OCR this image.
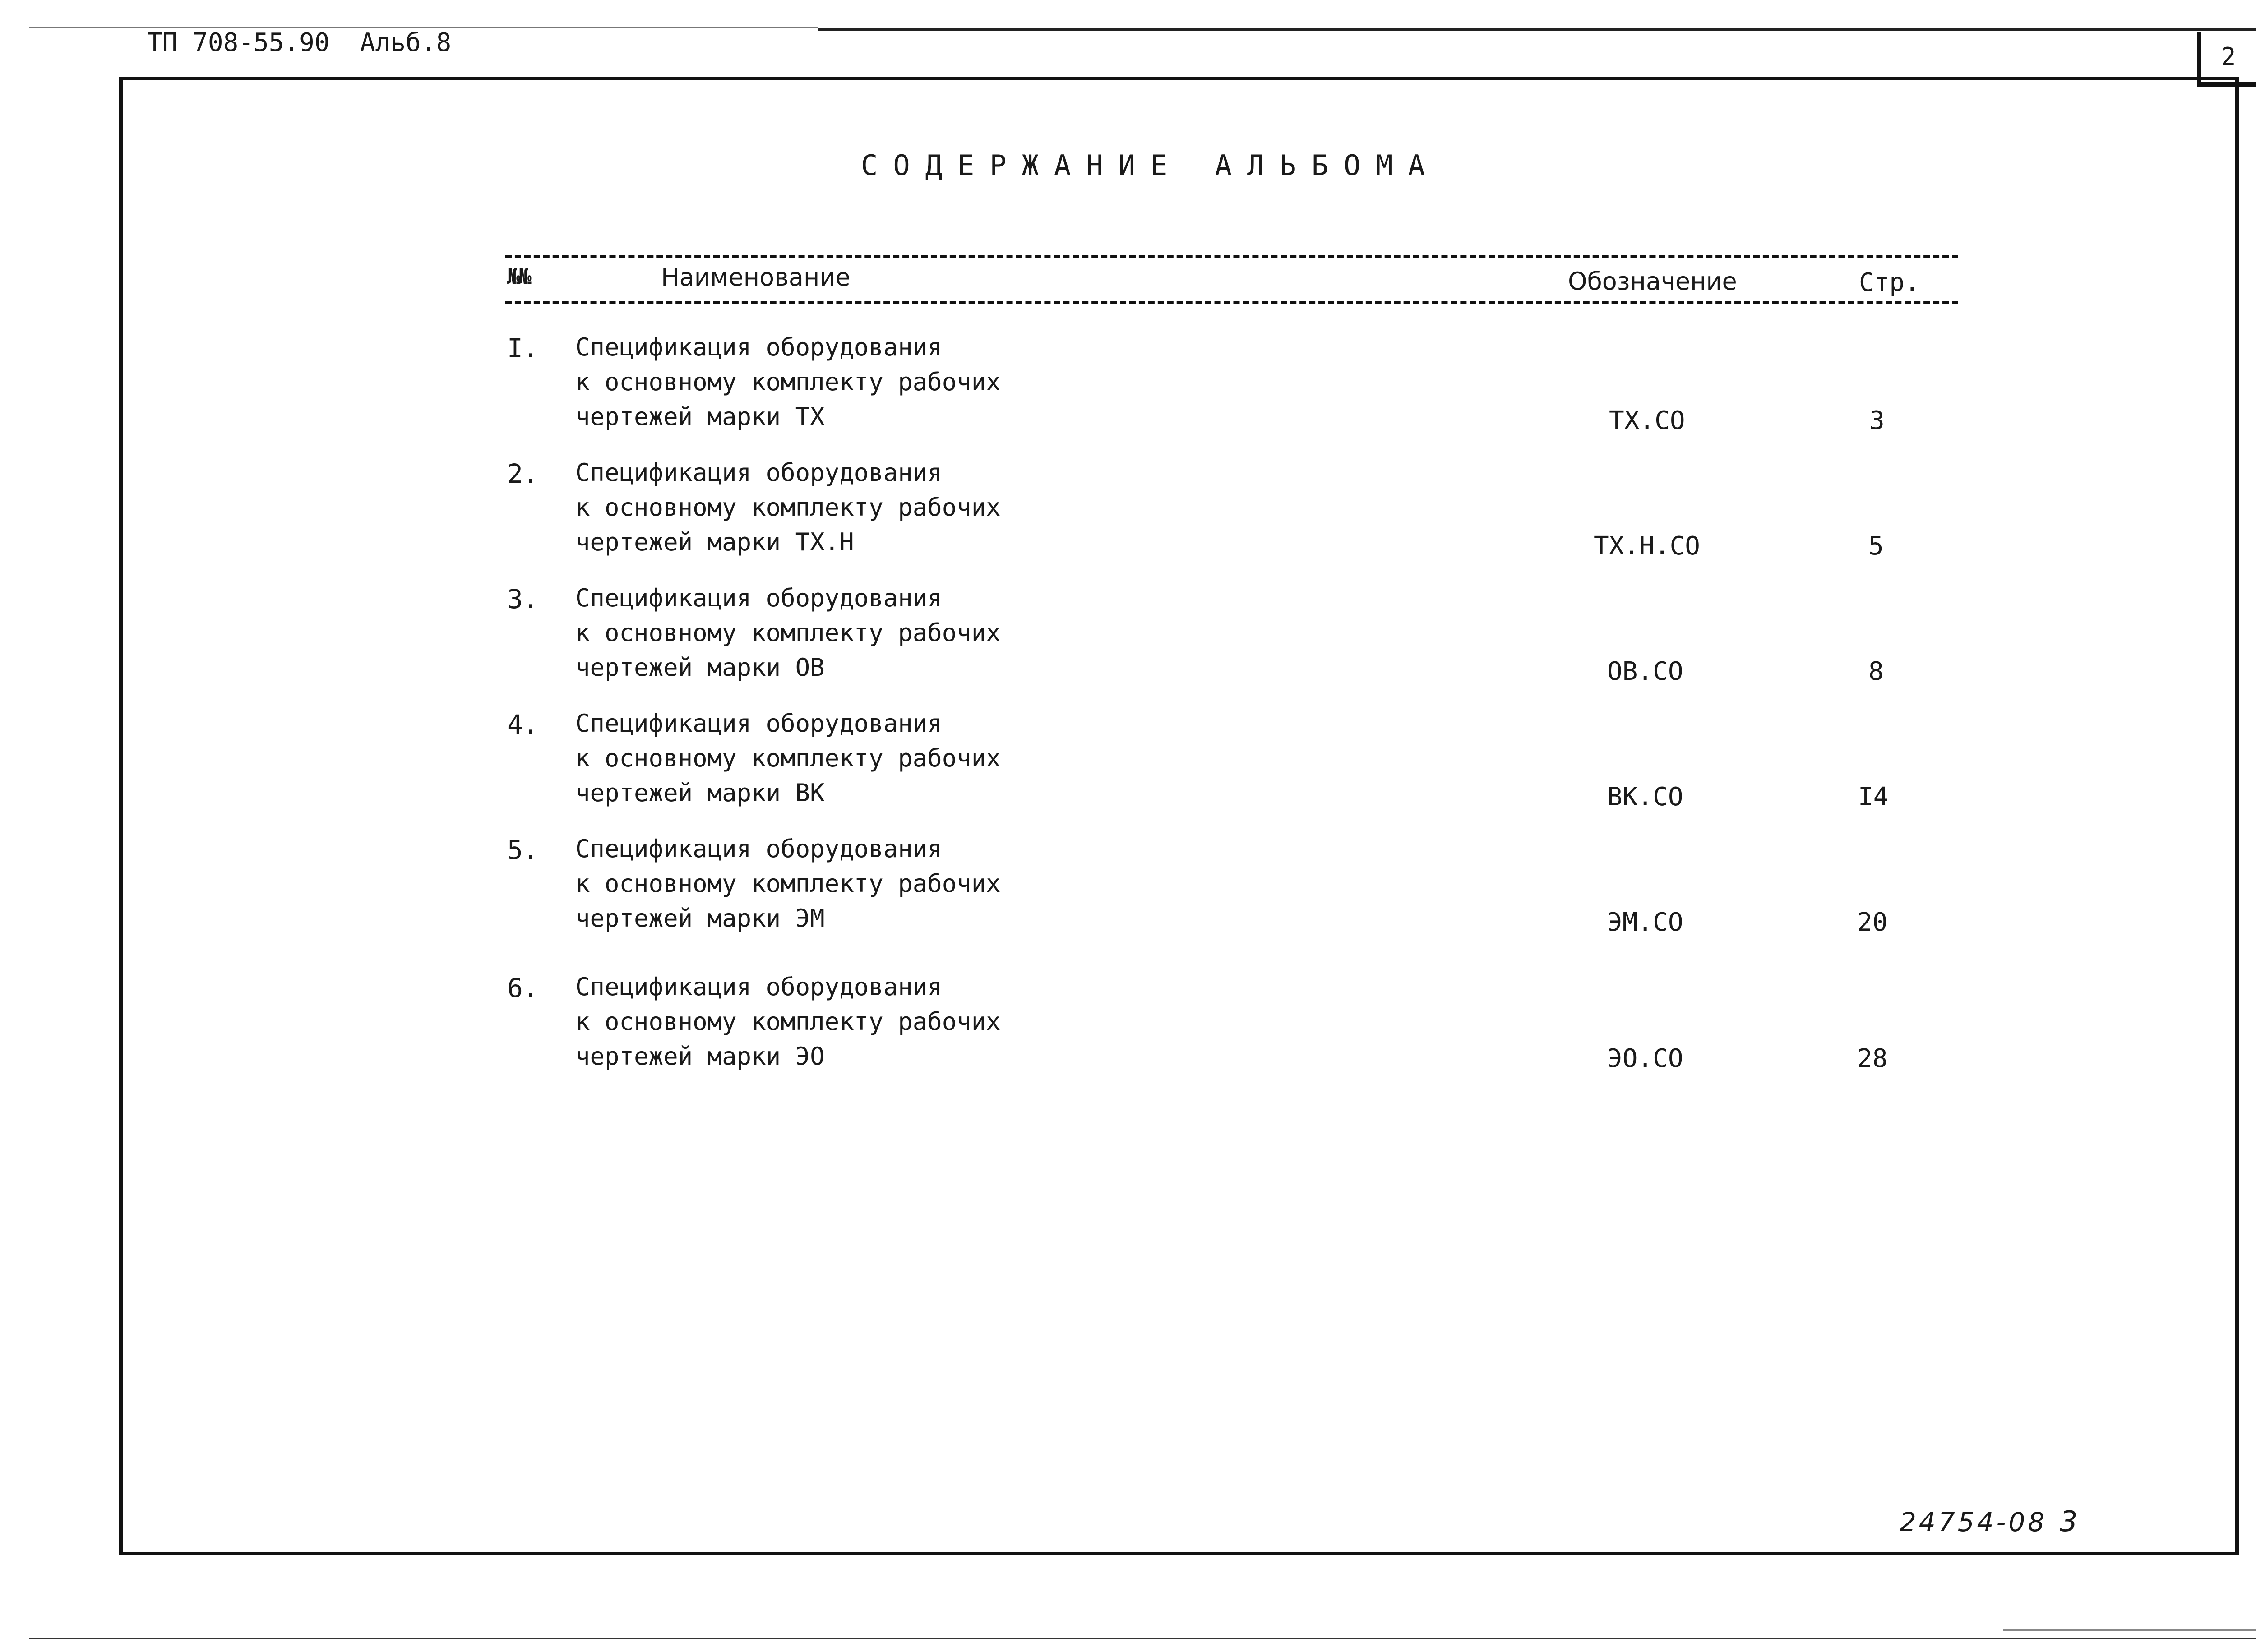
ТП 708-55.90 Альб.8	2
СОДЕРЖАНИЕ АЛЬБОМА
№№	Наименование	Обозначение	Стр.
I. Спецификация оборудования
к основному комплекту рабочих
чертежей марки ТХ	ТХ.СО	3
2. Спецификация оборудования
к основному комплекту рабочих
чертежей марки ТХ.Н	ТХ.Н.СО	5
3. Спецификация оборудования
к основному комплекту рабочих
чертежей марки ОВ	ОВ.СО	8
4. Спецификация оборудования
к основному комплекту рабочих
чертежей марки ВК	ВК.СО	I4
5. Спецификация оборудования
к основному комплекту рабочих
чертежей марки ЭМ	ЭМ.СО	20
6. Спецификация оборудования
к основному комплекту рабочих
чертежей марки ЭО	ЭО.СО	28
24754-08 3
